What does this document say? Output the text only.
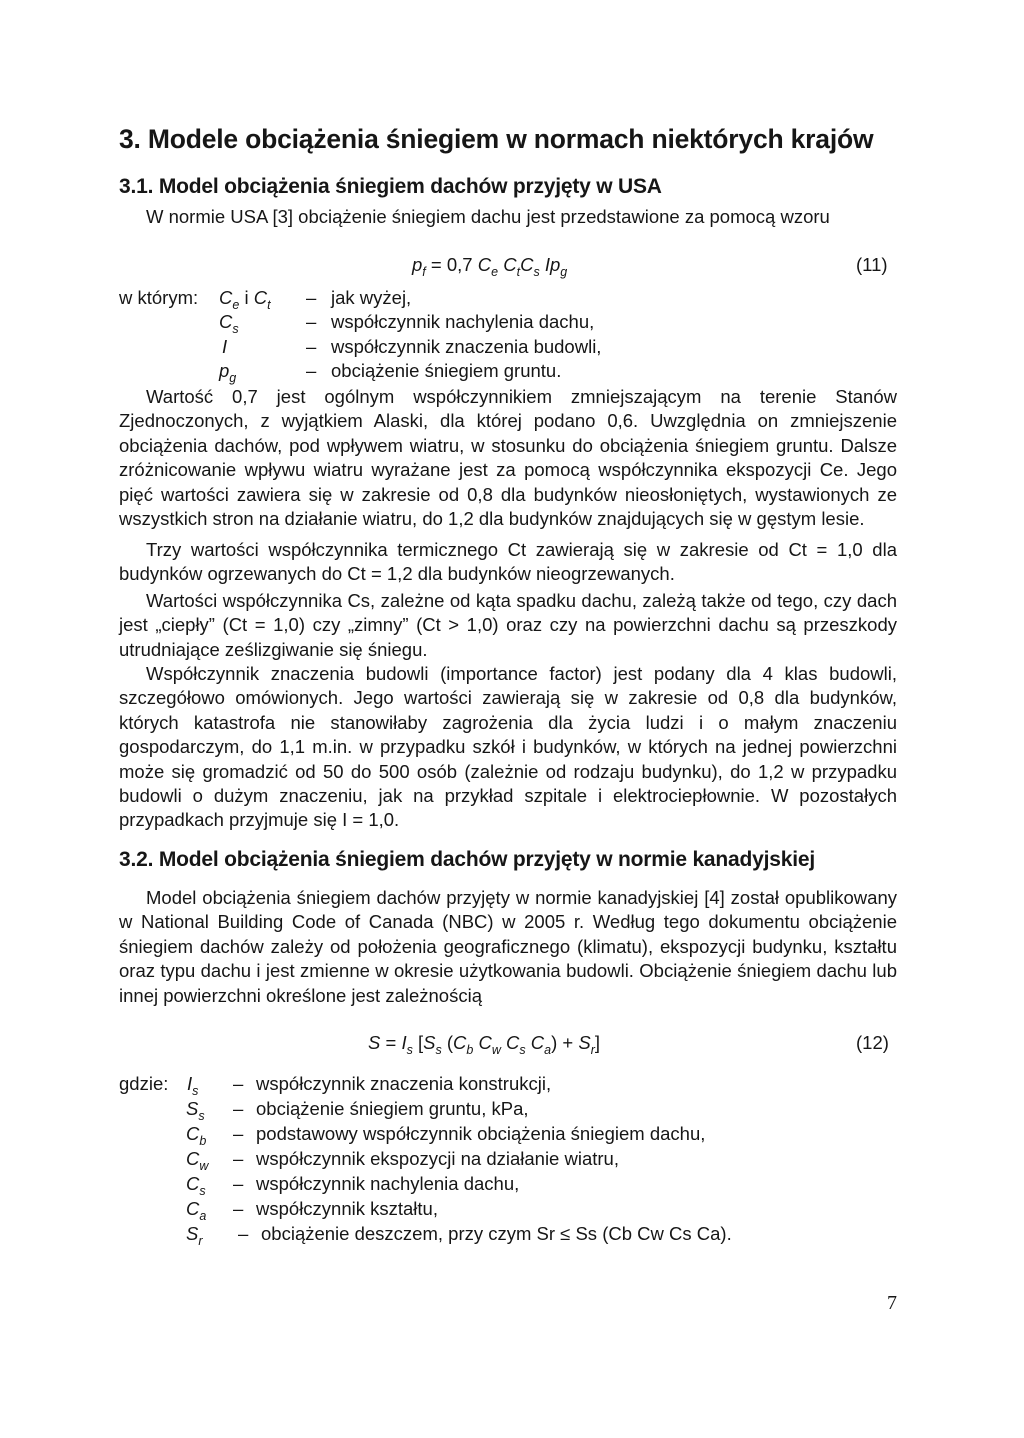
3. Modele obciążenia śniegiem w normach niektórych krajów
3.1. Model obciążenia śniegiem dachów przyjęty w USA
W normie USA [3] obciążenie śniegiem dachu jest przedstawione za pomocą wzoru
$p_f = 0,7$ $C_e$ $C_tC_s$ $Ip_g$	(11)
w którym: $C_e$ i $C_t$ – jak wyżej,
$C_s$	– współczynnik nachylenia dachu,
I	– współczynnik znaczenia budowli,
$p_g$	– obciążenie śniegiem gruntu.

Wartość 0,7 jest ogólnym współczynnikiem zmniejszającym na terenie Stanów Zjednoczonych, z wyjątkiem Alaski, dla której podano 0,6. Uwzględnia on zmniejszenie obciążenia dachów, pod wpływem wiatru, w stosunku do obciążenia śniegiem gruntu. Dalsze zróżnicowanie wpływu wiatru wyrażane jest za pomocą współczynnika ekspozycji Ce. Jego pięć wartości zawiera się w zakresie od 0,8 dla budynków nieosłoniętych, wystawionych ze wszystkich stron na działanie wiatru, do 1,2 dla budynków znajdujących się w gęstym lesie.

Trzy wartości współczynnika termicznego Ct zawierają się w zakresie od Ct = 1,0 dla budynków ogrzewanych do Ct = 1,2 dla budynków nieogrzewanych.

Wartości współczynnika Cs, zależne od kąta spadku dachu, zależą także od tego, czy dach jest „ciepły” (Ct = 1,0) czy „zimny” (Ct > 1,0) oraz czy na powierzchni dachu są przeszkody utrudniające ześlizgiwanie się śniegu.

Współczynnik znaczenia budowli (importance factor) jest podany dla 4 klas budowli, szczegółowo omówionych. Jego wartości zawierają się w zakresie od 0,8 dla budynków, których katastrofa nie stanowiłaby zagrożenia dla życia ludzi i o małym znaczeniu gospodarczym, do 1,1 m.in. w przypadku szkół i budynków, w których na jednej powierzchni może się gromadzić od 50 do 500 osób (zależnie od rodzaju budynku), do 1,2 w przypadku budowli o dużym znaczeniu, jak na przykład szpitale i elektrociepłownie. W pozostałych przypadkach przyjmuje się I = 1,0.

3.2. Model obciążenia śniegiem dachów przyjęty w normie kanadyjskiej

Model obciążenia śniegiem dachów przyjęty w normie kanadyjskiej [4] został opublikowany w National Building Code of Canada (NBC) w 2005 r. Według tego dokumentu obciążenie śniegiem dachów zależy od położenia geograficznego (klimatu), ekspozycji budynku, kształtu oraz typu dachu i jest zmienne w okresie użytkowania budowli. Obciążenie śniegiem dachu lub innej powierzchni określone jest zależnością

$S = I_s$ [$S_s$ ($C_b$ $C_w$ $C_s$ $C_a) + S_r$]	(12)
gdzie: $I_s$ – współczynnik znaczenia konstrukcji,
$S_s$ – obciążenie śniegiem gruntu, kPa,
$C_b$ – podstawowy współczynnik obciążenia śniegiem dachu,
$C_w$ – współczynnik ekspozycji na działanie wiatru,
$C_s$ – współczynnik nachylenia dachu,
$C_a$ – współczynnik kształtu,
$S_r$ – obciążenie deszczem, przy czym Sr ≤ Ss (Cb Cw Cs Ca).
7
